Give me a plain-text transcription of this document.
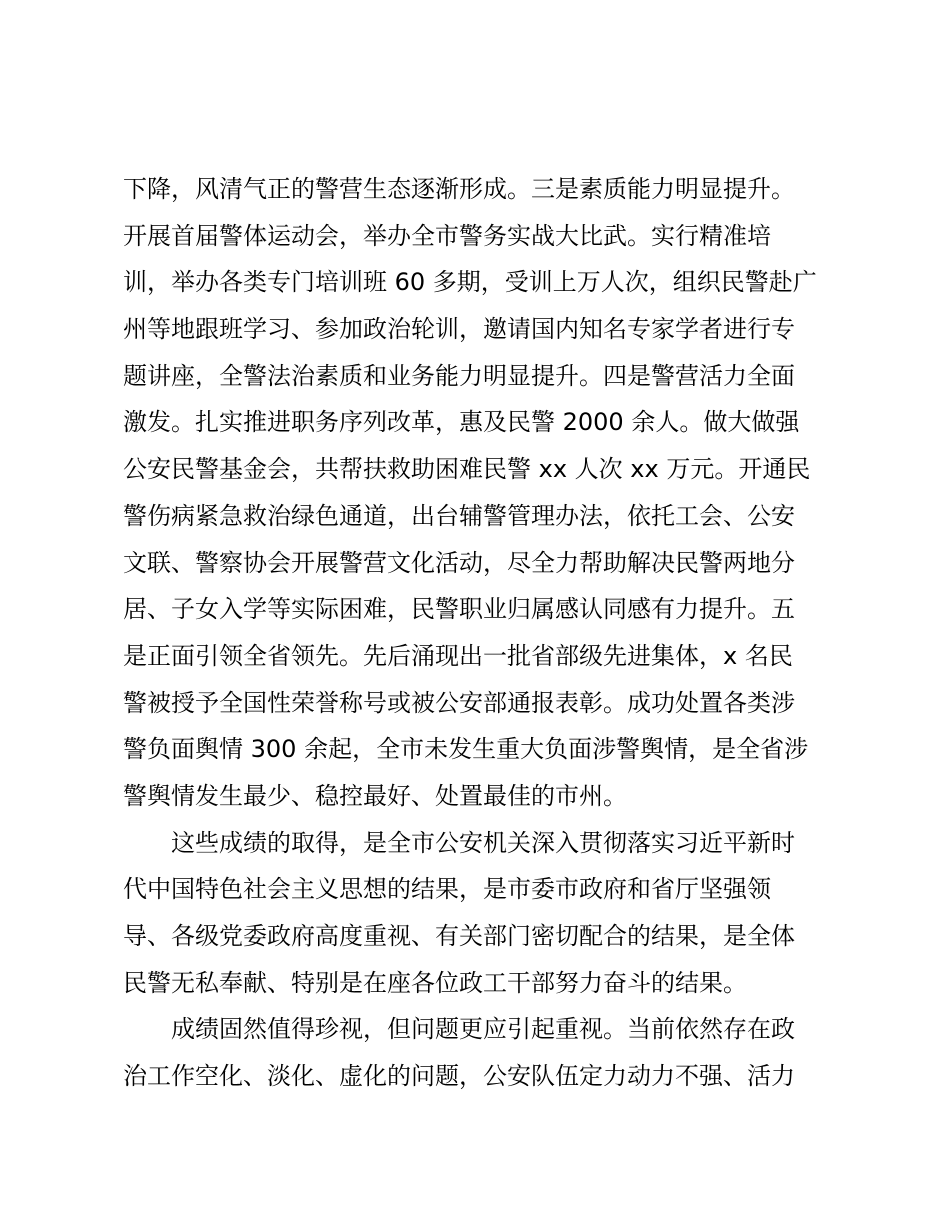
下降，风清气正的警营生态逐渐形成。三是素质能力明显提升。
开展首届警体运动会，举办全市警务实战大比武。实行精准培
训，举办各类专门培训班 60 多期，受训上万人次，组织民警赴广
州等地跟班学习、参加政治轮训，邀请国内知名专家学者进行专
题讲座，全警法治素质和业务能力明显提升。四是警营活力全面
激发。扎实推进职务序列改革，惠及民警 2000 余人。做大做强
公安民警基金会，共帮扶救助困难民警 xx 人次 xx 万元。开通民
警伤病紧急救治绿色通道，出台辅警管理办法，依托工会、公安
文联、警察协会开展警营文化活动，尽全力帮助解决民警两地分
居、子女入学等实际困难，民警职业归属感认同感有力提升。五
是正面引领全省领先。先后涌现出一批省部级先进集体，x 名民
警被授予全国性荣誉称号或被公安部通报表彰。成功处置各类涉
警负面舆情 300 余起，全市未发生重大负面涉警舆情，是全省涉
警舆情发生最少、稳控最好、处置最佳的市州。
这些成绩的取得，是全市公安机关深入贯彻落实习近平新时
代中国特色社会主义思想的结果，是市委市政府和省厅坚强领
导、各级党委政府高度重视、有关部门密切配合的结果，是全体
民警无私奉献、特别是在座各位政工干部努力奋斗的结果。
成绩固然值得珍视，但问题更应引起重视。当前依然存在政
治工作空化、淡化、虚化的问题，公安队伍定力动力不强、活力
